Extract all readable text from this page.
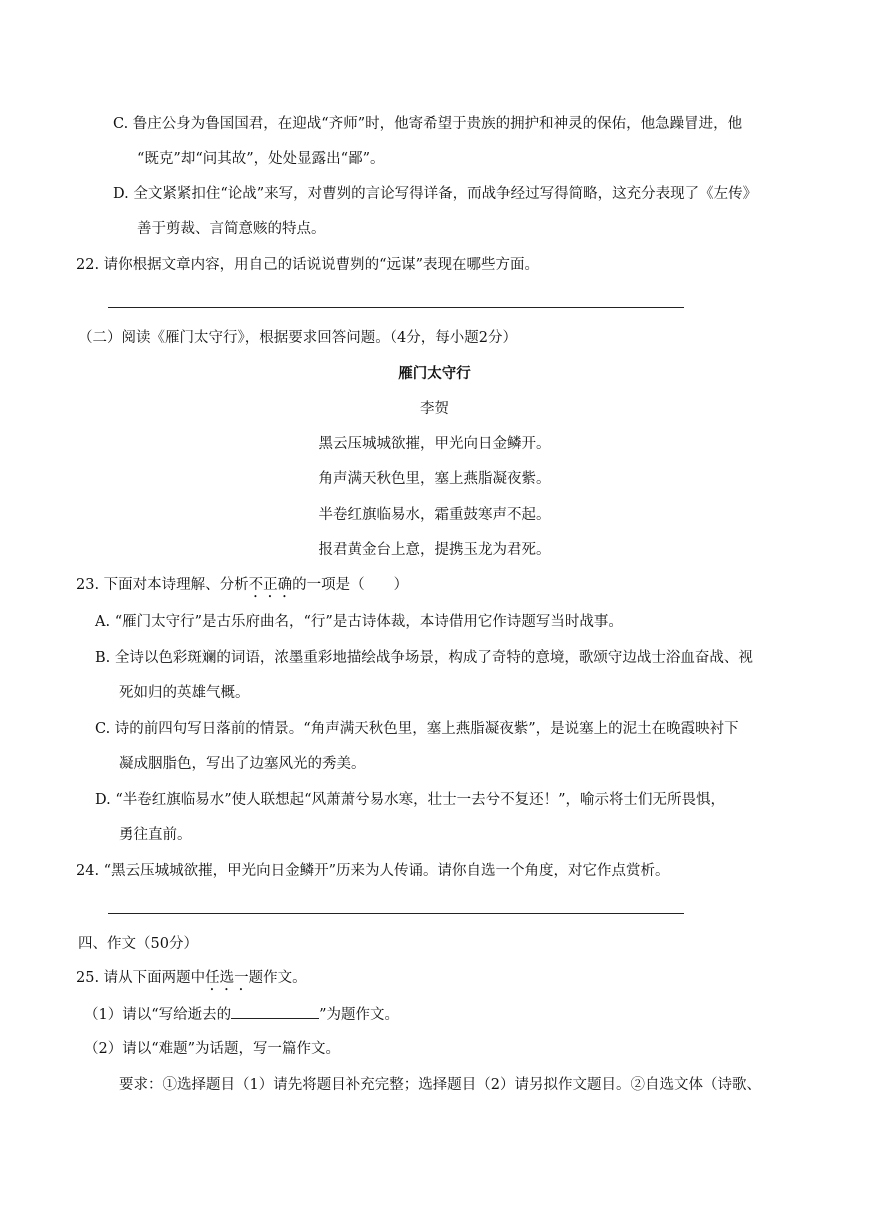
C. 鲁庄公身为鲁国国君，在迎战“齐师”时，他寄希望于贵族的拥护和神灵的保佑，他急躁冒进，他
“既克”却“问其故”，处处显露出“鄙”。
D. 全文紧紧扣住“论战”来写，对曹刿的言论写得详备，而战争经过写得简略，这充分表现了《左传》
善于剪裁、言简意赅的特点。
22. 请你根据文章内容，用自己的话说说曹刿的“远谋”表现在哪些方面。
（二）阅读《雁门太守行》，根据要求回答问题。（4分，每小题2分）
雁门太守行
李贺
黑云压城城欲摧，甲光向日金鳞开。
角声满天秋色里，塞上燕脂凝夜紫。
半卷红旗临易水，霜重鼓寒声不起。
报君黄金台上意，提携玉龙为君死。
23. 下面对本诗理解、分析不正确的一项是（　　）
A. “雁门太守行”是古乐府曲名，“行”是古诗体裁，本诗借用它作诗题写当时战事。
B. 全诗以色彩斑斓的词语，浓墨重彩地描绘战争场景，构成了奇特的意境，歌颂守边战士浴血奋战、视
死如归的英雄气概。
C. 诗的前四句写日落前的情景。“角声满天秋色里，塞上燕脂凝夜紫”，是说塞上的泥土在晚霞映衬下
凝成胭脂色，写出了边塞风光的秀美。
D. “半卷红旗临易水”使人联想起“风萧萧兮易水寒，壮士一去兮不复还！”，喻示将士们无所畏惧，
勇往直前。
24. “黑云压城城欲摧，甲光向日金鳞开”历来为人传诵。请你自选一个角度，对它作点赏析。
四、作文（50分）
25. 请从下面两题中任选一题作文。
（1）请以“写给逝去的	”为题作文。
（2）请以“难题”为话题，写一篇作文。
要求：①选择题目（1）请先将题目补充完整；选择题目（2）请另拟作文题目。②自选文体（诗歌、
